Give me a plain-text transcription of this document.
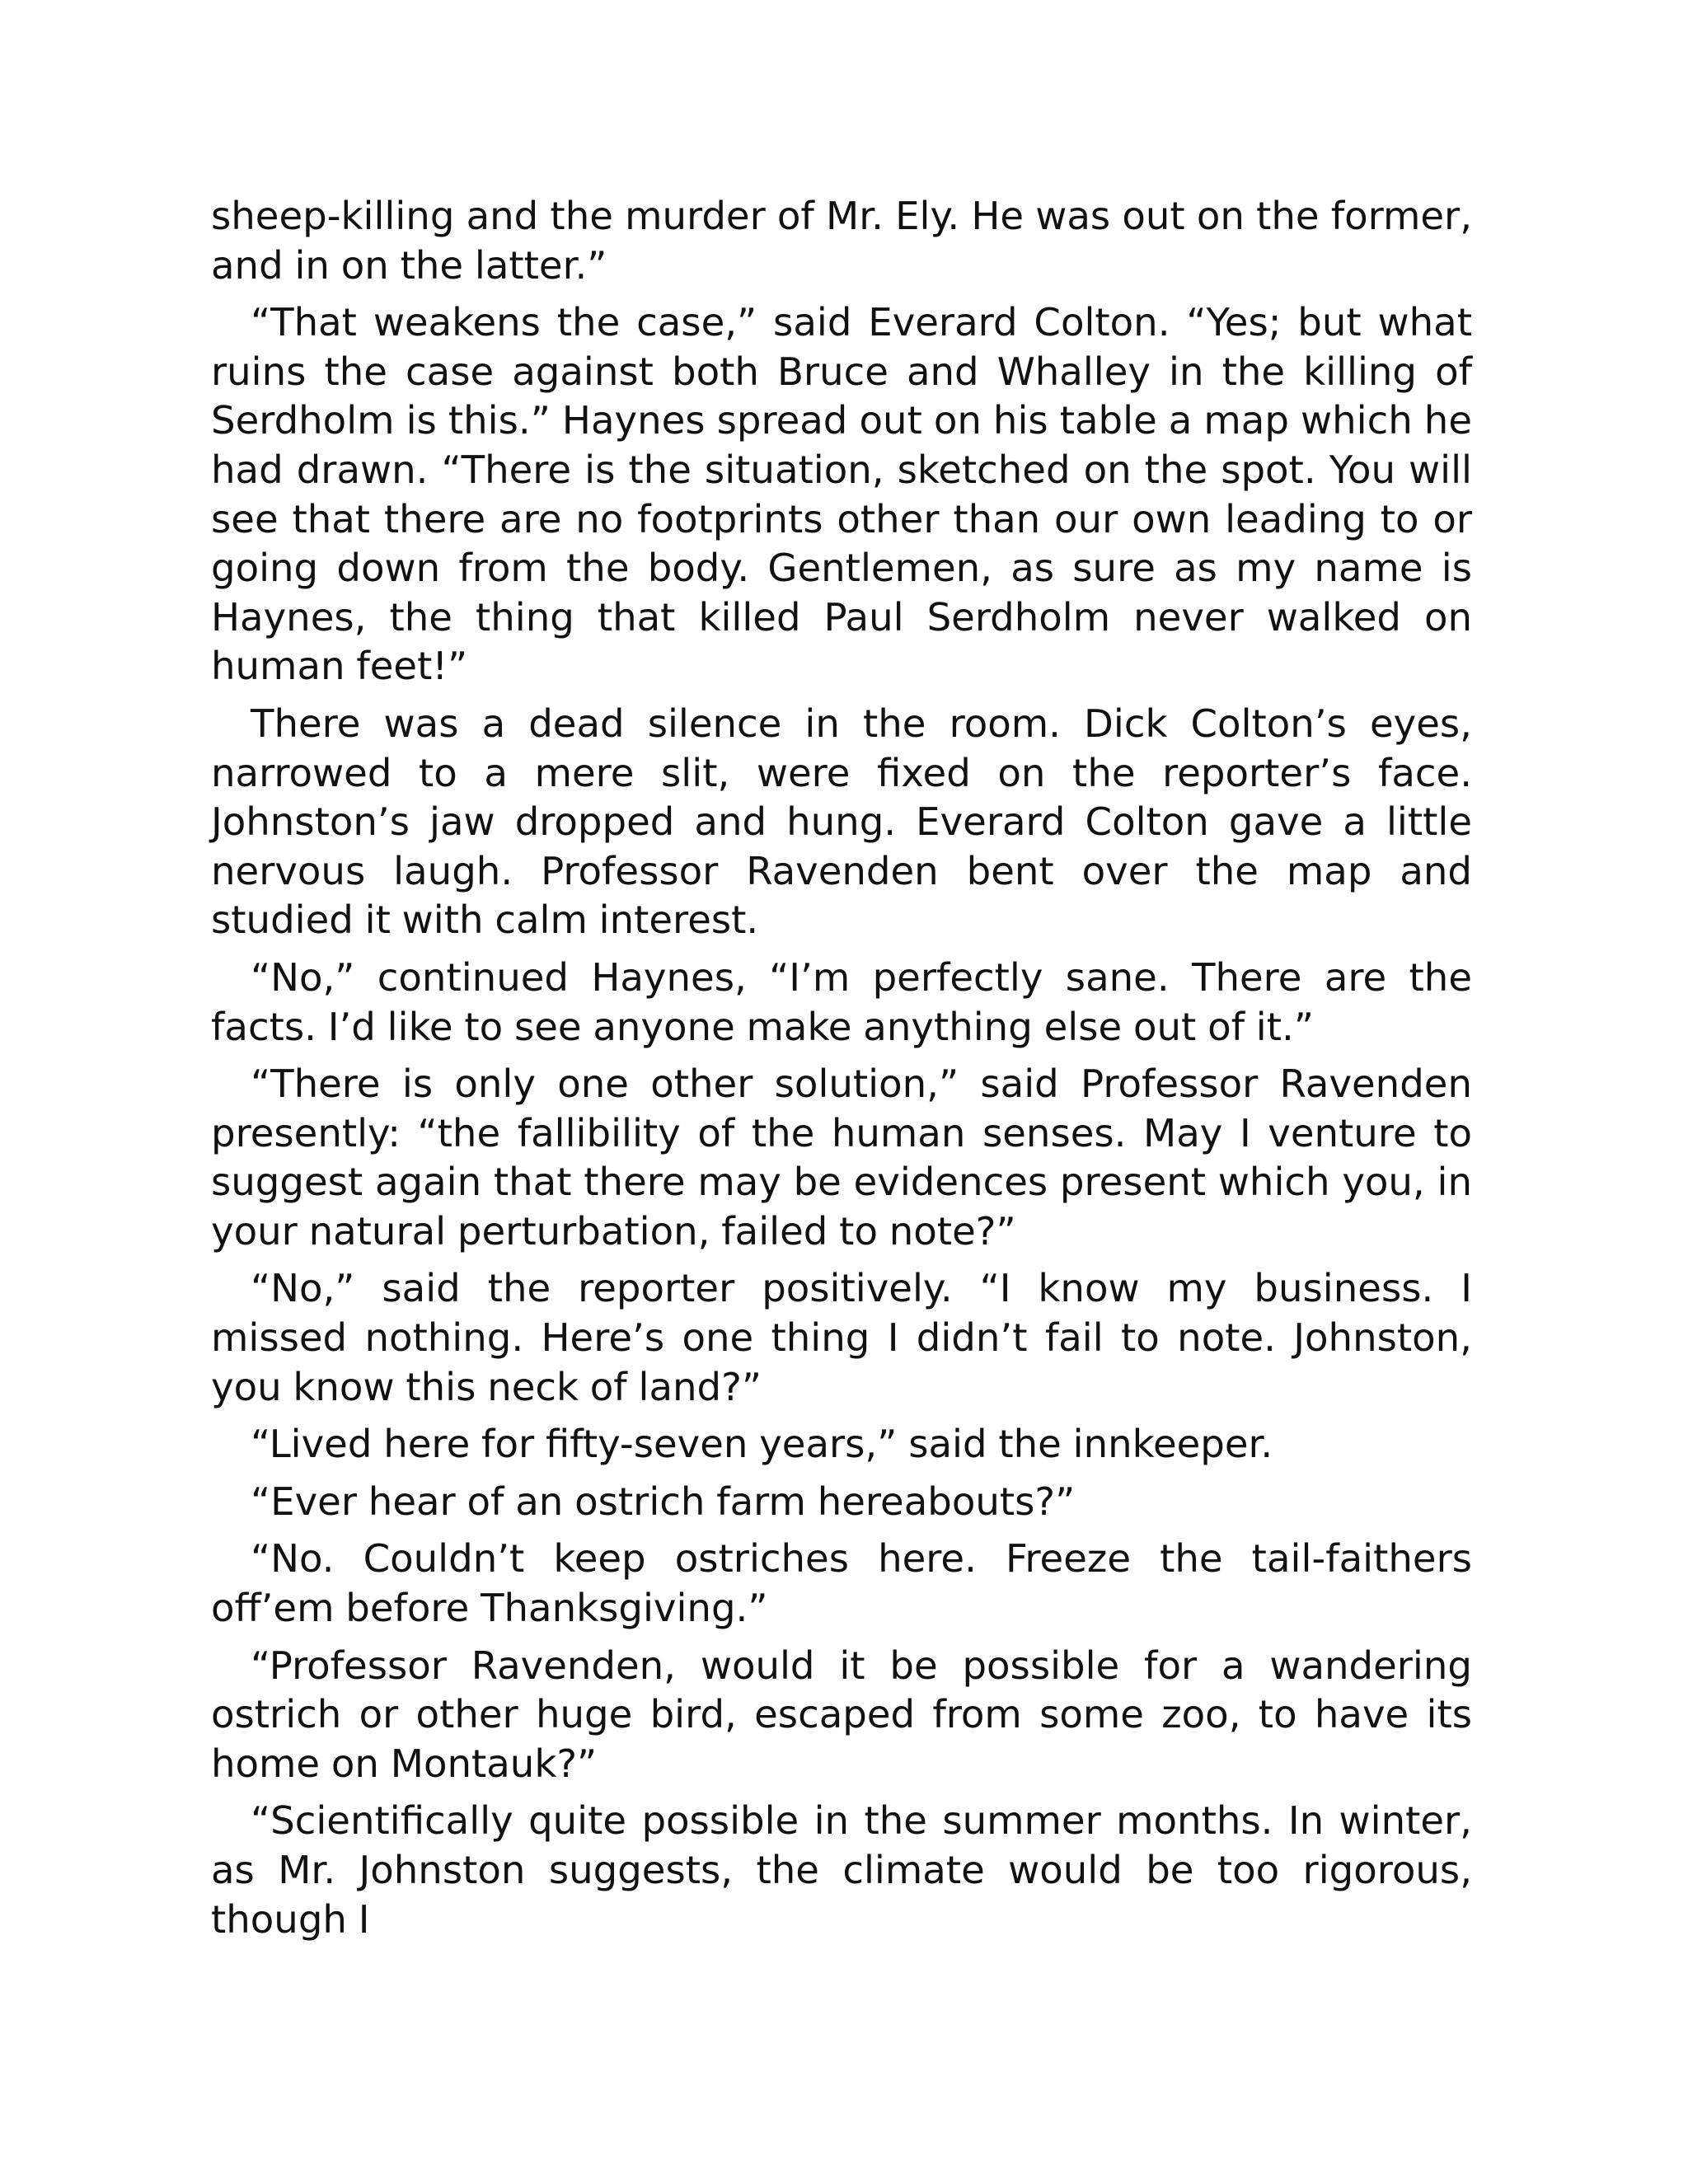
sheep-killing and the murder of Mr. Ely. He was out on the former, and in on the latter.”

“That weakens the case,” said Everard Colton. “Yes; but what ruins the case against both Bruce and Whalley in the killing of Serdholm is this.” Haynes spread out on his table a map which he had drawn. “There is the situation, sketched on the spot. You will see that there are no footprints other than our own leading to or going down from the body. Gentlemen, as sure as my name is Haynes, the thing that killed Paul Serdholm never walked on human feet!”

There was a dead silence in the room. Dick Colton’s eyes, narrowed to a mere slit, were fixed on the reporter’s face. Johnston’s jaw dropped and hung. Everard Colton gave a little nervous laugh. Professor Ravenden bent over the map and studied it with calm interest.

“No,” continued Haynes, “I’m perfectly sane. There are the facts. I’d like to see anyone make anything else out of it.”

“There is only one other solution,” said Professor Ravenden presently: “the fallibility of the human senses. May I venture to suggest again that there may be evidences present which you, in your natural perturbation, failed to note?”

“No,” said the reporter positively. “I know my business. I missed nothing. Here’s one thing I didn’t fail to note. Johnston, you know this neck of land?”

“Lived here for fifty-seven years,” said the innkeeper.

“Ever hear of an ostrich farm hereabouts?”

“No. Couldn’t keep ostriches here. Freeze the tail-faithers off’em before Thanksgiving.”

“Professor Ravenden, would it be possible for a wandering ostrich or other huge bird, escaped from some zoo, to have its home on Montauk?”

“Scientifically quite possible in the summer months. In winter, as Mr. Johnston suggests, the climate would be too rigorous, though I
